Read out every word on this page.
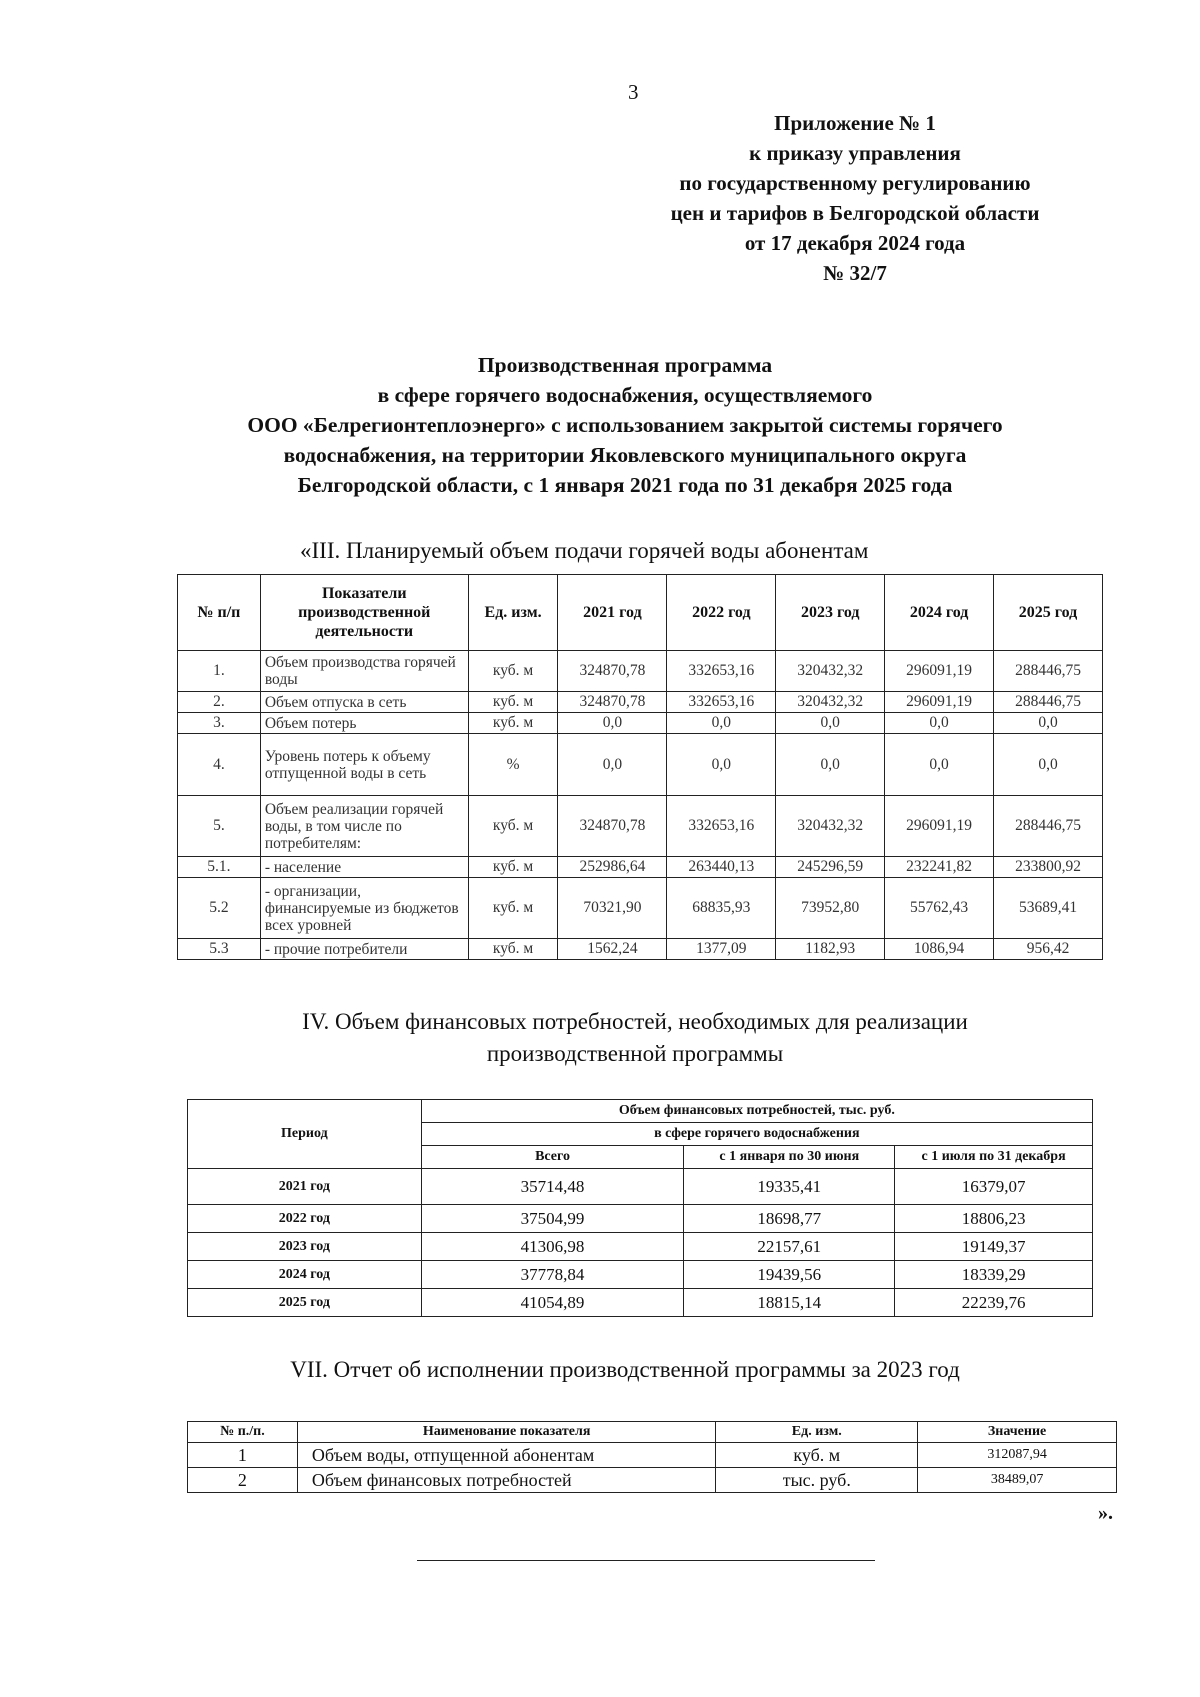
3
Приложение № 1
к приказу управления
по государственному регулированию
цен и тарифов в Белгородской области
от 17 декабря 2024 года
№ 32/7
Производственная программа
в сфере горячего водоснабжения, осуществляемого
ООО «Белрегионтеплоэнерго» с использованием закрытой системы горячего
водоснабжения, на территории Яковлевского муниципального округа
Белгородской области, с 1 января 2021 года по 31 декабря 2025 года
«III. Планируемый объем подачи горячей воды абонентам
№ п/п	Показатели производственной деятельности	Ед. изм.	2021 год	2022 год	2023 год	2024 год	2025 год
1.	Объем производства горячей воды	куб. м	324870,78	332653,16	320432,32	296091,19	288446,75
2.	Объем отпуска в сеть	куб. м	324870,78	332653,16	320432,32	296091,19	288446,75
3.	Объем потерь	куб. м	0,0	0,0	0,0	0,0	0,0
4.	Уровень потерь к объему отпущенной воды в сеть	%	0,0	0,0	0,0	0,0	0,0
5.	Объем реализации горячей воды, в том числе по потребителям:	куб. м	324870,78	332653,16	320432,32	296091,19	288446,75
5.1.	- население	куб. м	252986,64	263440,13	245296,59	232241,82	233800,92
5.2	- организации, финансируемые из бюджетов всех уровней	куб. м	70321,90	68835,93	73952,80	55762,43	53689,41
5.3	- прочие потребители	куб. м	1562,24	1377,09	1182,93	1086,94	956,42
IV. Объем финансовых потребностей, необходимых для реализации
производственной программы
Период	Объем финансовых потребностей, тыс. руб.		
	в сфере горячего водоснабжения		
	Всего	с 1 января по 30 июня	с 1 июля по 31 декабря
2021 год	35714,48	19335,41	16379,07
2022 год	37504,99	18698,77	18806,23
2023 год	41306,98	22157,61	19149,37
2024 год	37778,84	19439,56	18339,29
2025 год	41054,89	18815,14	22239,76
VII. Отчет об исполнении производственной программы за 2023 год
№ п./п.	Наименование показателя	Ед. изм.	Значение
1	Объем воды, отпущенной абонентам	куб. м	312087,94
2	Объем финансовых потребностей	тыс. руб.	38489,07
».
